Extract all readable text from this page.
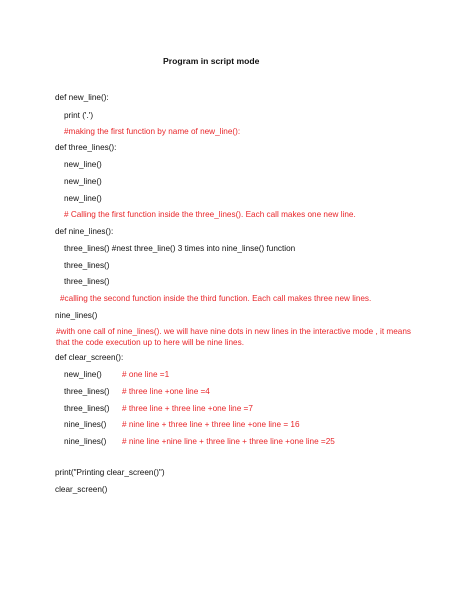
Program in script mode
def new_line():
print ('.')
#making the first function by name of new_line():
def three_lines():
new_line()
new_line()
new_line()
# Calling the first function inside the three_lines(). Each call makes one new line.
def nine_lines():
three_lines() #nest three_line() 3 times into nine_linse() function
three_lines()
three_lines()
#calling the second function inside the third function. Each call makes three new lines.
nine_lines()
#with one call of nine_lines(). we will have nine dots in new lines in the interactive mode , it means that the code execution up to here will be nine lines.
def clear_screen():
new_line() # one line =1
three_lines() # three line +one line =4
three_lines() # three line + three line +one line =7
nine_lines() # nine line + three line + three line +one line = 16
nine_lines() # nine line +nine line + three line + three line +one line =25
print("Printing clear_screen()")
clear_screen()
